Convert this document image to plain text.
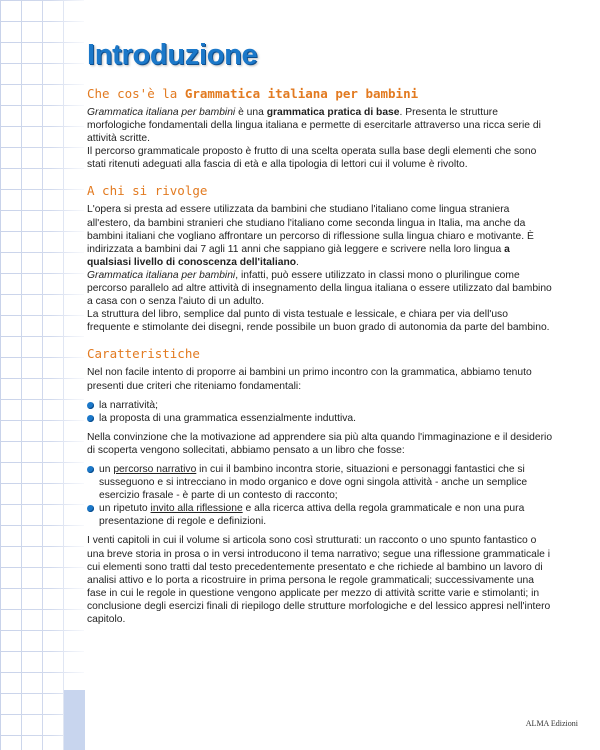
Introduzione
Che cos'è la Grammatica italiana per bambini

Grammatica italiana per bambini è una grammatica pratica di base. Presenta le strutture morfologiche fondamentali della lingua italiana e permette di esercitarle attraverso una ricca serie di attività scritte.

Il percorso grammaticale proposto è frutto di una scelta operata sulla base degli elementi che sono stati ritenuti adeguati alla fascia di età e alla tipologia di lettori cui il volume è rivolto.

A chi si rivolge

L'opera si presta ad essere utilizzata da bambini che studiano l'italiano come lingua straniera all'estero, da bambini stranieri che studiano l'italiano come seconda lingua in Italia, ma anche da bambini italiani che vogliano affrontare un percorso di riflessione sulla lingua chiaro e motivante. È indirizzata a bambini dai 7 agli 11 anni che sappiano già leggere e scrivere nella loro lingua a qualsiasi livello di conoscenza dell'italiano.

Grammatica italiana per bambini, infatti, può essere utilizzato in classi mono o plurilingue come percorso parallelo ad altre attività di insegnamento della lingua italiana o essere utilizzato dal bambino a casa con o senza l'aiuto di un adulto.

La struttura del libro, semplice dal punto di vista testuale e lessicale, e chiara per via dell'uso frequente e stimolante dei disegni, rende possibile un buon grado di autonomia da parte del bambino.

Caratteristiche

Nel non facile intento di proporre ai bambini un primo incontro con la grammatica, abbiamo tenuto presenti due criteri che riteniamo fondamentali:

la narratività;
la proposta di una grammatica essenzialmente induttiva.

Nella convinzione che la motivazione ad apprendere sia più alta quando l'immaginazione e il desiderio di scoperta vengono sollecitati, abbiamo pensato a un libro che fosse:

un percorso narrativo in cui il bambino incontra storie, situazioni e personaggi fantastici che si susseguono e si intrecciano in modo organico e dove ogni singola attività - anche un semplice esercizio frasale - è parte di un contesto di racconto;
un ripetuto invito alla riflessione e alla ricerca attiva della regola grammaticale e non una pura presentazione di regole e definizioni.

I venti capitoli in cui il volume si articola sono così strutturati: un racconto o uno spunto fantastico o una breve storia in prosa o in versi introducono il tema narrativo; segue una riflessione grammaticale i cui elementi sono tratti dal testo precedentemente presentato e che richiede al bambino un lavoro di analisi attivo e lo porta a ricostruire in prima persona le regole grammaticali; successivamente una fase in cui le regole in questione vengono applicate per mezzo di attività scritte varie e stimolanti; in conclusione degli esercizi finali di riepilogo delle strutture morfologiche e del lessico appresi nell'intero capitolo.

ALMA Edizioni
